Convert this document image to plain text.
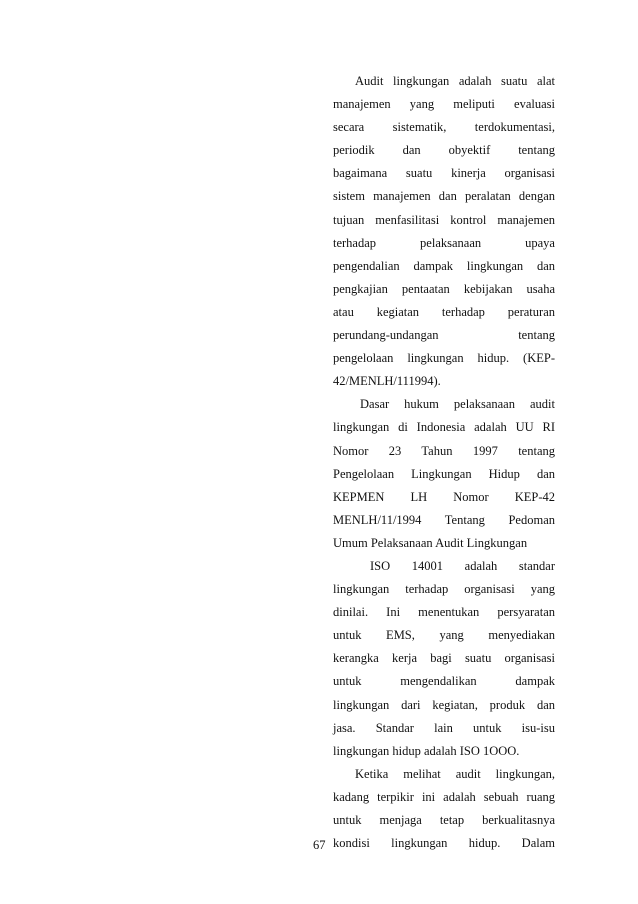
Audit lingkungan adalah suatu alat
manajemen yang meliputi evaluasi
secara sistematik, terdokumentasi,
periodik dan obyektif tentang
bagaimana suatu kinerja organisasi
sistem manajemen dan peralatan dengan
tujuan menfasilitasi kontrol manajemen
terhadap pelaksanaan upaya
pengendalian dampak lingkungan dan
pengkajian pentaatan kebijakan usaha
atau kegiatan terhadap peraturan
perundang-undangan tentang
pengelolaan lingkungan hidup. (KEP-
42/MENLH/111994).
Dasar hukum pelaksanaan audit
lingkungan di Indonesia adalah UU RI
Nomor 23 Tahun 1997 tentang
Pengelolaan Lingkungan Hidup dan
KEPMEN LH Nomor KEP-42
MENLH/11/1994 Tentang Pedoman
Umum Pelaksanaan Audit Lingkungan
ISO 14001 adalah standar
lingkungan terhadap organisasi yang
dinilai. Ini menentukan persyaratan
untuk EMS, yang menyediakan
kerangka kerja bagi suatu organisasi
untuk mengendalikan dampak
lingkungan dari kegiatan, produk dan
jasa. Standar lain untuk isu-isu
lingkungan hidup adalah ISO 1OOO.
Ketika melihat audit lingkungan,
kadang terpikir ini adalah sebuah ruang
untuk menjaga tetap berkualitasnya
kondisi lingkungan hidup. Dalam
67
